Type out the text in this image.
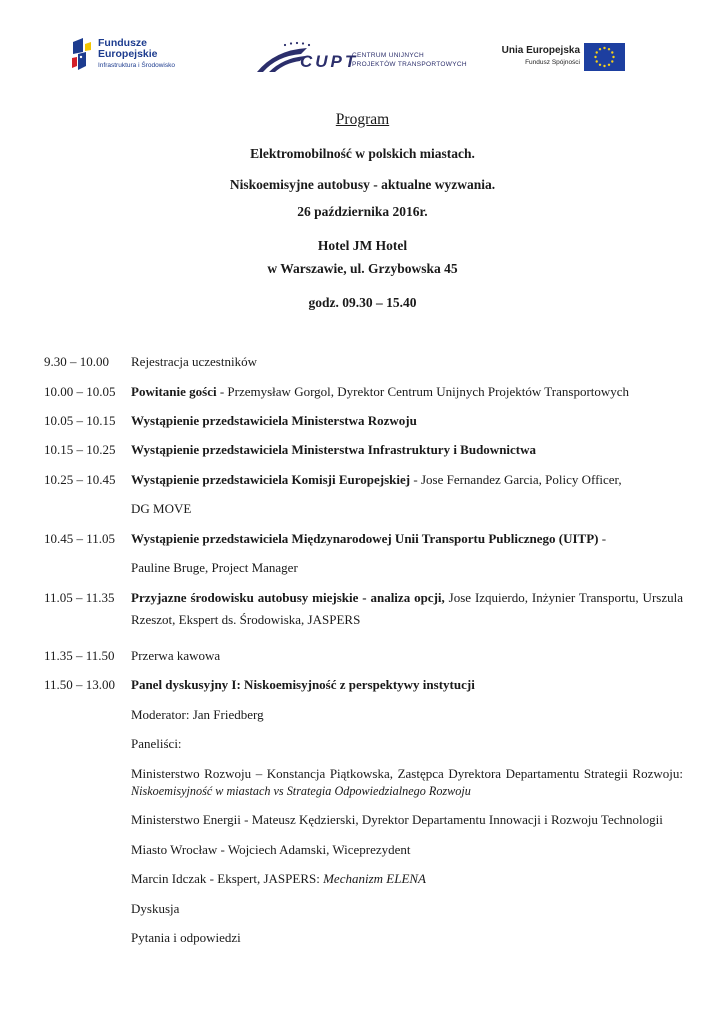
Fundusze
Europejskie
Infrastruktura i Środowisko	CUPT
CENTRUM UNIJNYCH
PROJEKTÓW TRANSPORTOWYCH
Unia Europejska
Fundusz Spójności
Program
Elektromobilność w polskich miastach.
Niskoemisyjne autobusy - aktualne wyzwania.
26 października 2016r.
Hotel JM Hotel
w Warszawie, ul. Grzybowska 45
godz. 09.30 – 15.40
9.30 – 10.00 Rejestracja uczestników
10.00 – 10.05 Powitanie gości - Przemysław Gorgol, Dyrektor Centrum Unijnych Projektów Transportowych
10.05 – 10.15 Wystąpienie przedstawiciela Ministerstwa Rozwoju
10.15 – 10.25 Wystąpienie przedstawiciela Ministerstwa Infrastruktury i Budownictwa
10.25 – 10.45 Wystąpienie przedstawiciela Komisji Europejskiej - Jose Fernandez Garcia, Policy Officer,
DG MOVE
10.45 – 11.05 Wystąpienie przedstawiciela Międzynarodowej Unii Transportu Publicznego (UITP) -
Pauline Bruge, Project Manager
11.05 – 11.35 Przyjazne środowisku autobusy miejskie - analiza opcji, Jose Izquierdo, Inżynier Transportu, Urszula
Rzeszot, Ekspert ds. Środowiska, JASPERS
11.35 – 11.50 Przerwa kawowa
11.50 – 13.00 Panel dyskusyjny I: Niskoemisyjność z perspektywy instytucji
Moderator: Jan Friedberg
Paneliści:
Ministerstwo Rozwoju – Konstancja Piątkowska, Zastępca Dyrektora Departamentu Strategii Rozwoju:
Niskoemisyjność w miastach vs Strategia Odpowiedzialnego Rozwoju
Ministerstwo Energii - Mateusz Kędzierski, Dyrektor Departamentu Innowacji i Rozwoju Technologii
Miasto Wrocław - Wojciech Adamski, Wiceprezydent
Marcin Idczak - Ekspert, JASPERS: Mechanizm ELENA
Dyskusja
Pytania i odpowiedzi
